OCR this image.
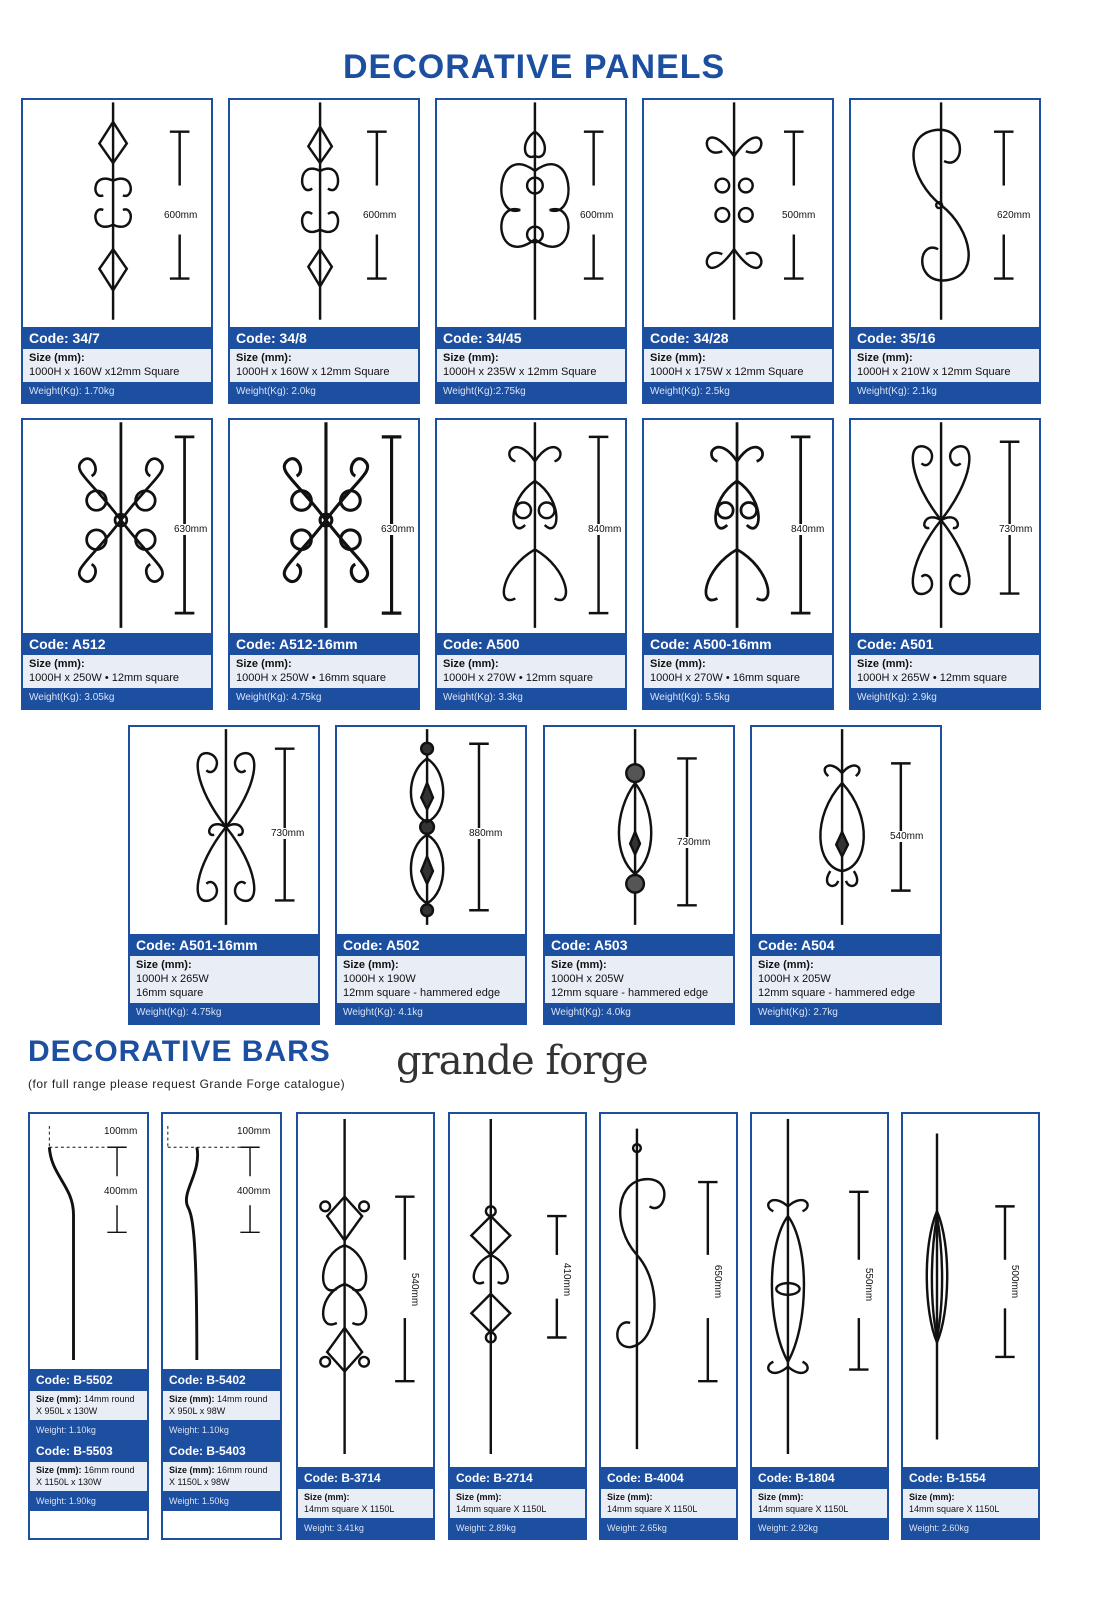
DECORATIVE PANELS
600mm
Code: 34/7
Size (mm):
1000H x 160W x12mm Square
Weight(Kg): 1.70kg
600mm
Code: 34/8
Size (mm):
1000H x 160W x 12mm Square
Weight(Kg): 2.0kg
600mm
Code: 34/45
Size (mm):
1000H x 235W x 12mm Square
Weight(Kg):2.75kg
500mm
Code: 34/28
Size (mm):
1000H x 175W x 12mm Square
Weight(Kg): 2.5kg
620mm
Code: 35/16
Size (mm):
1000H x 210W x 12mm Square
Weight(Kg): 2.1kg
630mm
Code: A512
Size (mm):
1000H x 250W • 12mm square
Weight(Kg): 3.05kg
630mm
Code: A512-16mm
Size (mm):
1000H x 250W • 16mm square
Weight(Kg): 4.75kg
840mm
Code: A500
Size (mm):
1000H x 270W • 12mm square
Weight(Kg): 3.3kg
840mm
Code: A500-16mm
Size (mm):
1000H x 270W • 16mm square
Weight(Kg): 5.5kg
730mm
Code: A501
Size (mm):
1000H x 265W • 12mm square
Weight(Kg): 2.9kg
730mm
Code: A501-16mm
Size (mm):
1000H x 265W
16mm square
Weight(Kg): 4.75kg
880mm
Code: A502
Size (mm):
1000H x 190W
12mm square - hammered edge
Weight(Kg): 4.1kg
730mm
Code: A503
Size (mm):
1000H x 205W
12mm square - hammered edge
Weight(Kg): 4.0kg
540mm
Code: A504
Size (mm):
1000H x 205W
12mm square - hammered edge
Weight(Kg): 2.7kg
DECORATIVE BARS grande forge
(for full range please request Grande Forge catalogue)
100mm
400mm
Code: B-5502
Size (mm): 14mm round X 950L x 130W
Weight: 1.10kg
Code: B-5503
Size (mm): 16mm round X 1150L x 130W
Weight: 1.90kg
100mm
400mm
Code: B-5402
Size (mm): 14mm round X 950L x 98W
Weight: 1.10kg
Code: B-5403
Size (mm): 16mm round X 1150L x 98W
Weight: 1.50kg
540mm
Code: B-3714
Size (mm):
14mm square X 1150L
Weight: 3.41kg
410mm
Code: B-2714
Size (mm):
14mm square X 1150L
Weight: 2.89kg
650mm
Code: B-4004
Size (mm):
14mm square X 1150L
Weight: 2.65kg
550mm
Code: B-1804
Size (mm):
14mm square X 1150L
Weight: 2.92kg
500mm
Code: B-1554
Size (mm):
14mm square X 1150L
Weight: 2.60kg
